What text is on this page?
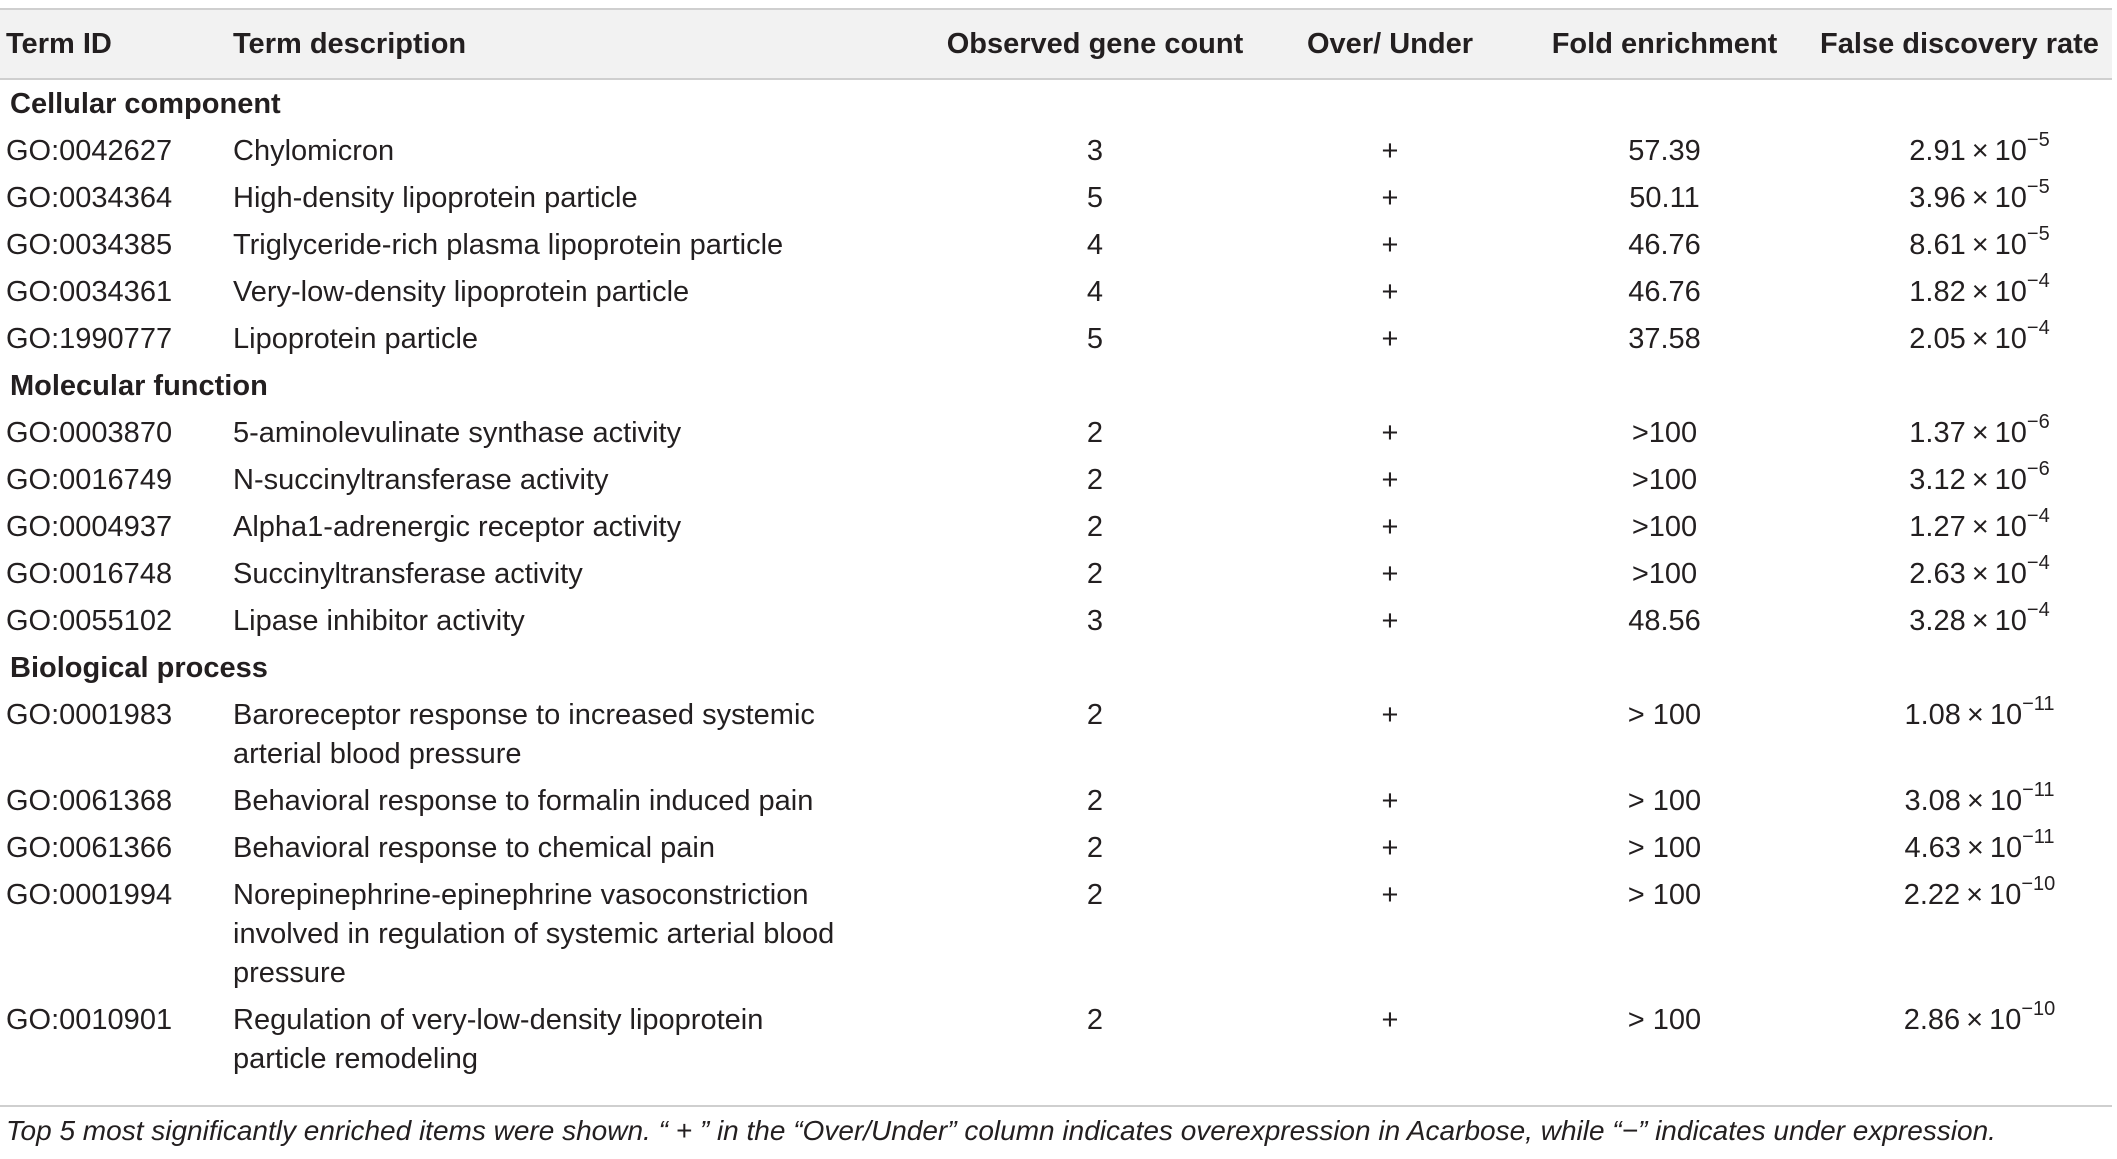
Term ID	Term description	Observed gene count	Over/ Under	Fold enrichment	False discovery rate
Cellular component					
GO:0042627	Chylomicron	3	+	57.39	$2.91 \times 10^{-5}$
GO:0034364	High-density lipoprotein particle	5	+	50.11	$3.96 \times 10^{-5}$
GO:0034385	Triglyceride-rich plasma lipoprotein particle	4	+	46.76	$8.61 \times 10^{-5}$
GO:0034361	Very-low-density lipoprotein particle	4	+	46.76	$1.82 \times 10^{-4}$
GO:1990777	Lipoprotein particle	5	+	37.58	$2.05 \times 10^{-4}$
Molecular function					
GO:0003870	5-aminolevulinate synthase activity	2	+	>100	$1.37 \times 10^{-6}$
GO:0016749	N-succinyltransferase activity	2	+	>100	$3.12 \times 10^{-6}$
GO:0004937	Alpha1-adrenergic receptor activity	2	+	>100	$1.27 \times 10^{-4}$
GO:0016748	Succinyltransferase activity	2	+	>100	$2.63 \times 10^{-4}$
GO:0055102	Lipase inhibitor activity	3	+	48.56	$3.28 \times 10^{-4}$
Biological process					
GO:0001983	Baroreceptor response to increased systemic arterial blood pressure	2	+	> 100	$1.08 \times 10^{-11}$
GO:0061368	Behavioral response to formalin induced pain	2	+	> 100	$3.08 \times 10^{-11}$
GO:0061366	Behavioral response to chemical pain	2	+	> 100	$4.63 \times 10^{-11}$
GO:0001994	Norepinephrine-epinephrine vasoconstriction involved in regulation of systemic arterial blood pressure	2	+	> 100	$2.22 \times 10^{-10}$
GO:0010901	Regulation of very-low-density lipoprotein particle remodeling	2	+	> 100	$2.86 \times 10^{-10}$

Top 5 most significantly enriched items were shown. “ + ” in the “Over/Under” column indicates overexpression in Acarbose, while “−” indicates under expression.
